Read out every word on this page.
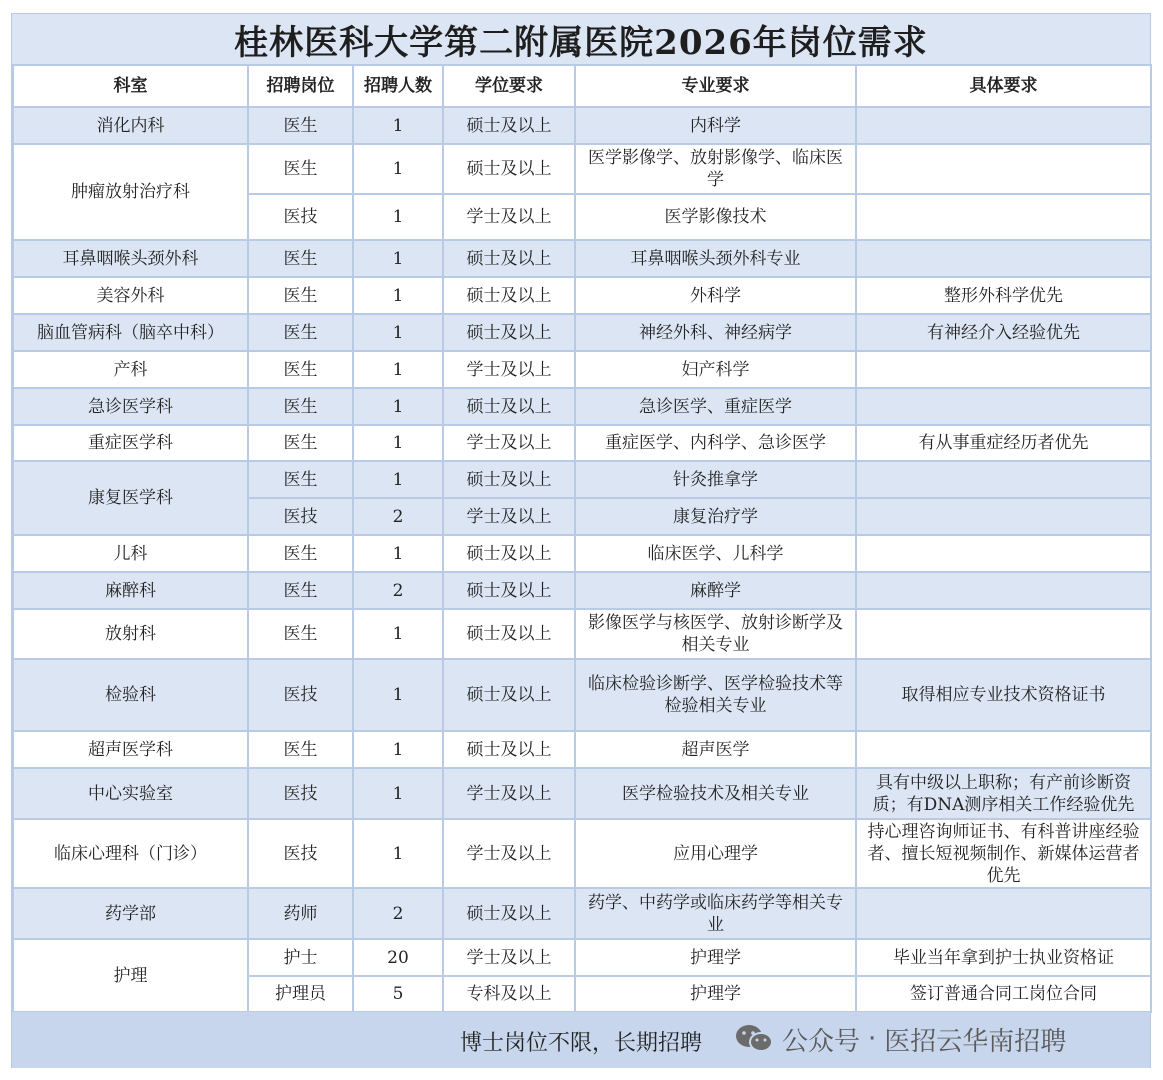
桂林医科大学第二附属医院2026年岗位需求
科室	招聘岗位	招聘人数	学位要求	专业要求	具体要求
消化内科	医生	1	硕士及以上	内科学	
肿瘤放射治疗科	医生	1	硕士及以上	医学影像学、放射影像学、临床医学	
	医技	1	学士及以上	医学影像技术	
耳鼻咽喉头颈外科	医生	1	硕士及以上	耳鼻咽喉头颈外科专业	
美容外科	医生	1	硕士及以上	外科学	整形外科学优先
脑血管病科（脑卒中科）	医生	1	硕士及以上	神经外科、神经病学	有神经介入经验优先
产科	医生	1	学士及以上	妇产科学	
急诊医学科	医生	1	硕士及以上	急诊医学、重症医学	
重症医学科	医生	1	学士及以上	重症医学、内科学、急诊医学	有从事重症经历者优先
康复医学科	医生	1	硕士及以上	针灸推拿学	
	医技	2	学士及以上	康复治疗学	
儿科	医生	1	硕士及以上	临床医学、儿科学	
麻醉科	医生	2	硕士及以上	麻醉学	
放射科	医生	1	硕士及以上	影像医学与核医学、放射诊断学及相关专业	
检验科	医技	1	硕士及以上	临床检验诊断学、医学检验技术等检验相关专业	取得相应专业技术资格证书
超声医学科	医生	1	硕士及以上	超声医学	
中心实验室	医技	1	学士及以上	医学检验技术及相关专业	具有中级以上职称；有产前诊断资质；有DNA测序相关工作经验优先
临床心理科（门诊）	医技	1	学士及以上	应用心理学	持心理咨询师证书、有科普讲座经验者、擅长短视频制作、新媒体运营者优先
药学部	药师	2	硕士及以上	药学、中药学或临床药学等相关专业	
护理	护士	20	学士及以上	护理学	毕业当年拿到护士执业资格证
	护理员	5	专科及以上	护理学	签订普通合同工岗位合同
博士岗位不限，长期招聘	公众号 · 医招云华南招聘
